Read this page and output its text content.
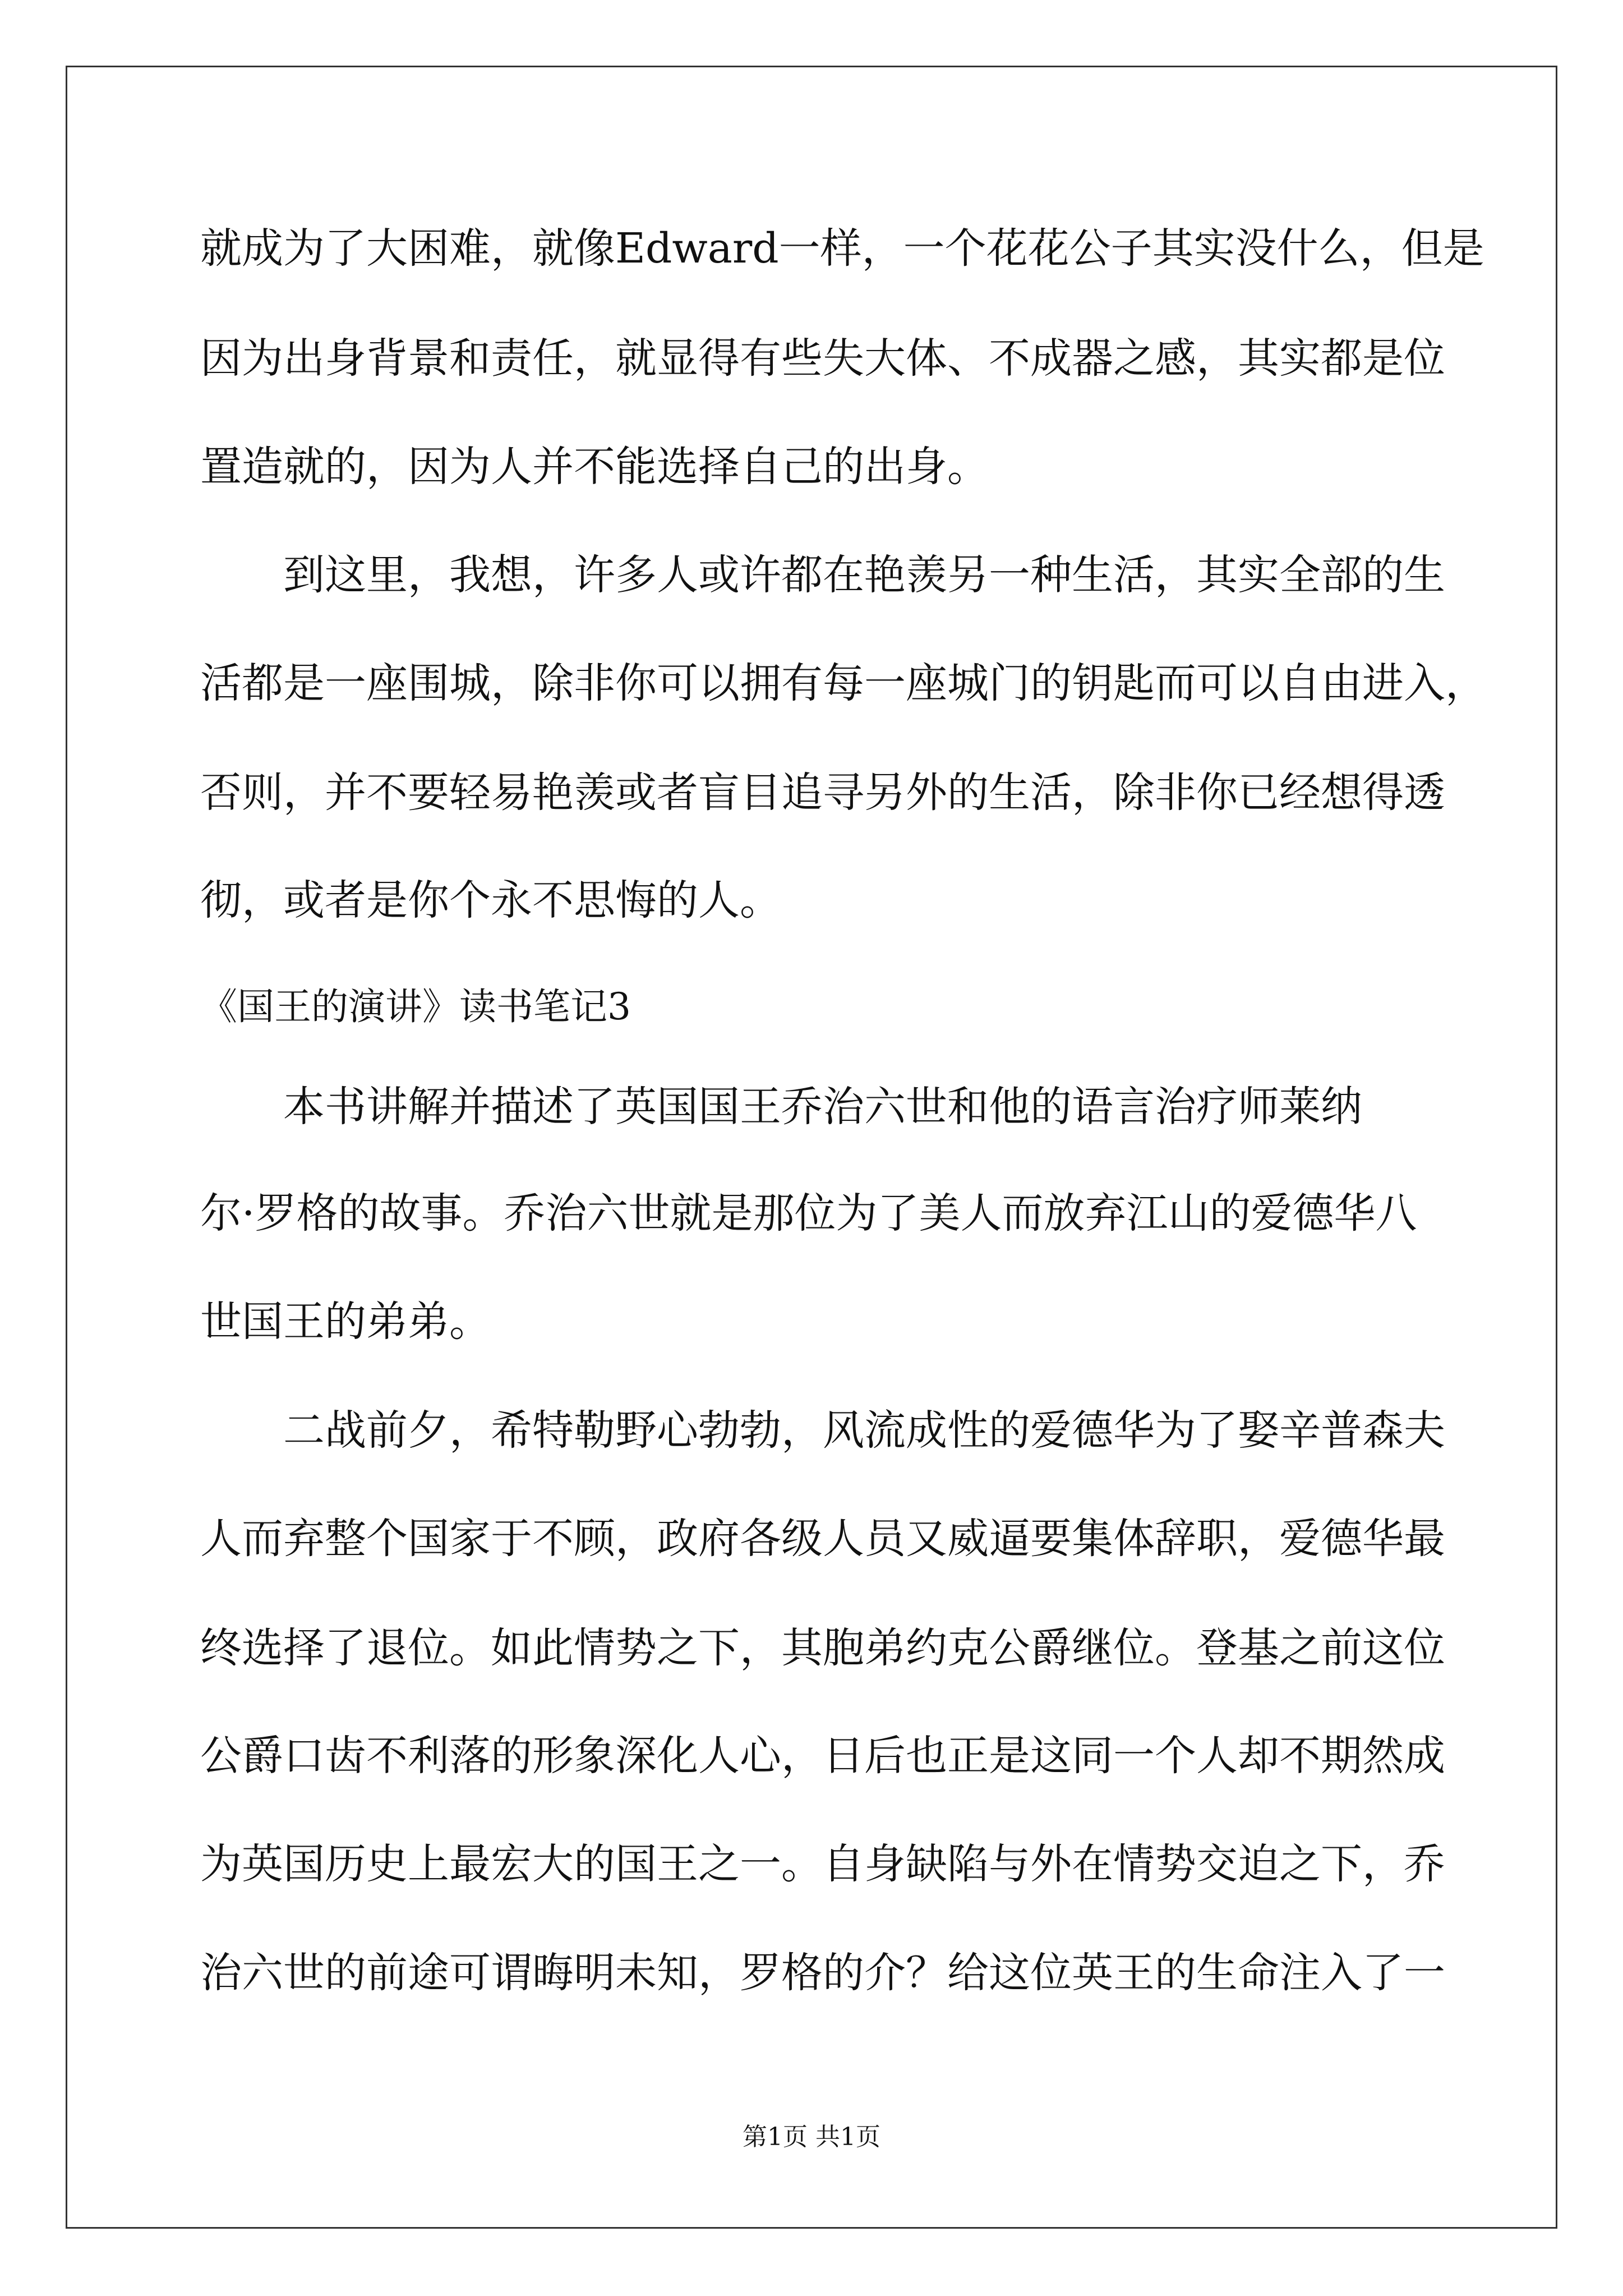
就成为了大困难，就像Edward一样，一个花花公子其实没什么，但是
因为出身背景和责任，就显得有些失大体、不成器之感，其实都是位
置造就的，因为人并不能选择自己的出身。
到这里，我想，许多人或许都在艳羡另一种生活，其实全部的生
活都是一座围城，除非你可以拥有每一座城门的钥匙而可以自由进入，
否则，并不要轻易艳羡或者盲目追寻另外的生活，除非你已经想得透
彻，或者是你个永不思悔的人。
《国王的演讲》读书笔记3
本书讲解并描述了英国国王乔治六世和他的语言治疗师莱纳
尔·罗格的故事。乔治六世就是那位为了美人而放弃江山的爱德华八
世国王的弟弟。
二战前夕，希特勒野心勃勃，风流成性的爱德华为了娶辛普森夫
人而弃整个国家于不顾，政府各级人员又威逼要集体辞职，爱德华最
终选择了退位。如此情势之下，其胞弟约克公爵继位。登基之前这位
公爵口齿不利落的形象深化人心，日后也正是这同一个人却不期然成
为英国历史上最宏大的国王之一。自身缺陷与外在情势交迫之下，乔
治六世的前途可谓晦明未知，罗格的介？给这位英王的生命注入了一
第1页 共1页
